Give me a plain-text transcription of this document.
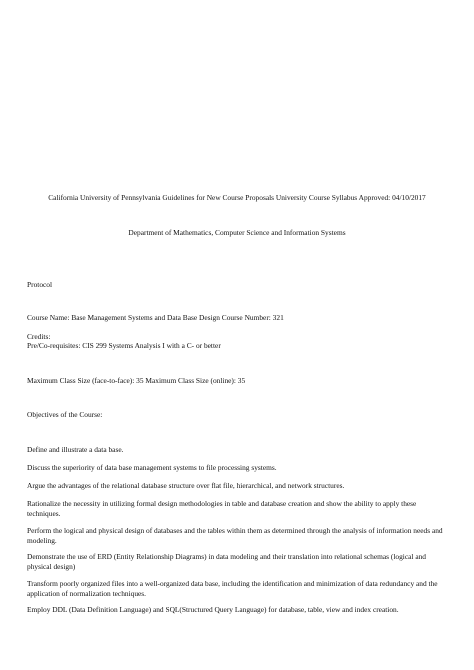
California University of Pennsylvania Guidelines for New Course Proposals University Course Syllabus Approved: 04/10/2017
Department of Mathematics, Computer Science and Information Systems
Protocol
Course Name: Base Management Systems and Data Base Design Course Number: 321
Credits:
Pre/Co-requisites: CIS 299 Systems Analysis I with a C- or better
Maximum Class Size (face-to-face): 35 Maximum Class Size (online): 35
Objectives of the Course:
Define and illustrate a data base.
Discuss the superiority of data base management systems to file processing systems.
Argue the advantages of the relational database structure over flat file, hierarchical, and network structures.
Rationalize the necessity in utilizing formal design methodologies in table and database creation and show the ability to apply these techniques.
Perform the logical and physical design of databases and the tables within them as determined through the analysis of information needs and modeling.
Demonstrate the use of ERD (Entity Relationship Diagrams) in data modeling and their translation into relational schemas (logical and physical design)
Transform poorly organized files into a well-organized data base, including the identification and minimization of data redundancy and the application of normalization techniques.
Employ DDL (Data Definition Language) and SQL(Structured Query Language) for database, table, view and index creation.
